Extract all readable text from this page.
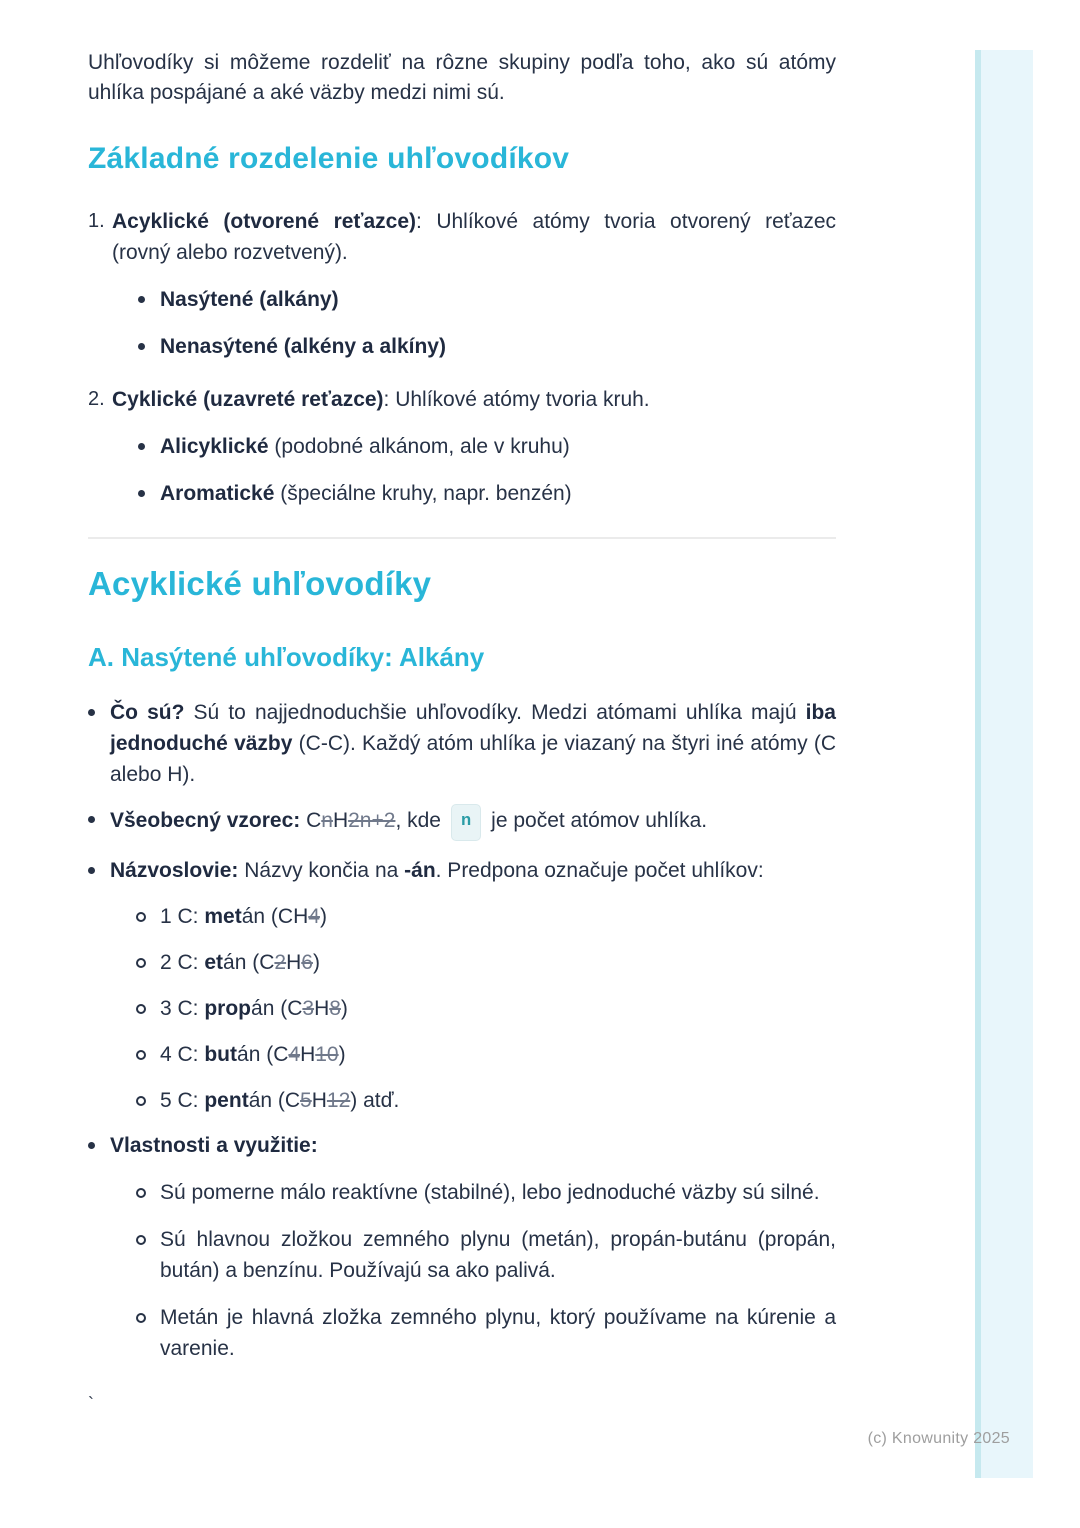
Uhľovodíky si môžeme rozdeliť na rôzne skupiny podľa toho, ako sú atómy uhlíka pospájané a aké väzby medzi nimi sú.

Základné rozdelenie uhľovodíkov
1. Acyklické (otvorené reťazce): Uhlíkové atómy tvoria otvorený reťazec (rovný alebo rozvetvený).
Nasýtené (alkány)
Nenasýtené (alkény a alkíny)
2. Cyklické (uzavreté reťazce): Uhlíkové atómy tvoria kruh.
Alicyklické (podobné alkánom, ale v kruhu)
Aromatické (špeciálne kruhy, napr. benzén)
Acyklické uhľovodíky
A. Nasýtené uhľovodíky: Alkány
Čo sú? Sú to najjednoduchšie uhľovodíky. Medzi atómami uhlíka majú iba jednoduché väzby (C-C). Každý atóm uhlíka je viazaný na štyri iné atómy (C alebo H).
Všeobecný vzorec: CnH2n+2, kde n je počet atómov uhlíka.
Názvoslovie: Názvy končia na -án. Predpona označuje počet uhlíkov:
1 C: metán (CH4)
2 C: etán (C2H6)
3 C: propán (C3H8)
4 C: bután (C4H10)
5 C: pentán (C5H12) atď.
Vlastnosti a využitie:
Sú pomerne málo reaktívne (stabilné), lebo jednoduché väzby sú silné.
Sú hlavnou zložkou zemného plynu (metán), propán-butánu (propán, bután) a benzínu. Používajú sa ako palivá.
Metán je hlavná zložka zemného plynu, ktorý používame na kúrenie a varenie.
`
(c) Knowunity 2025
